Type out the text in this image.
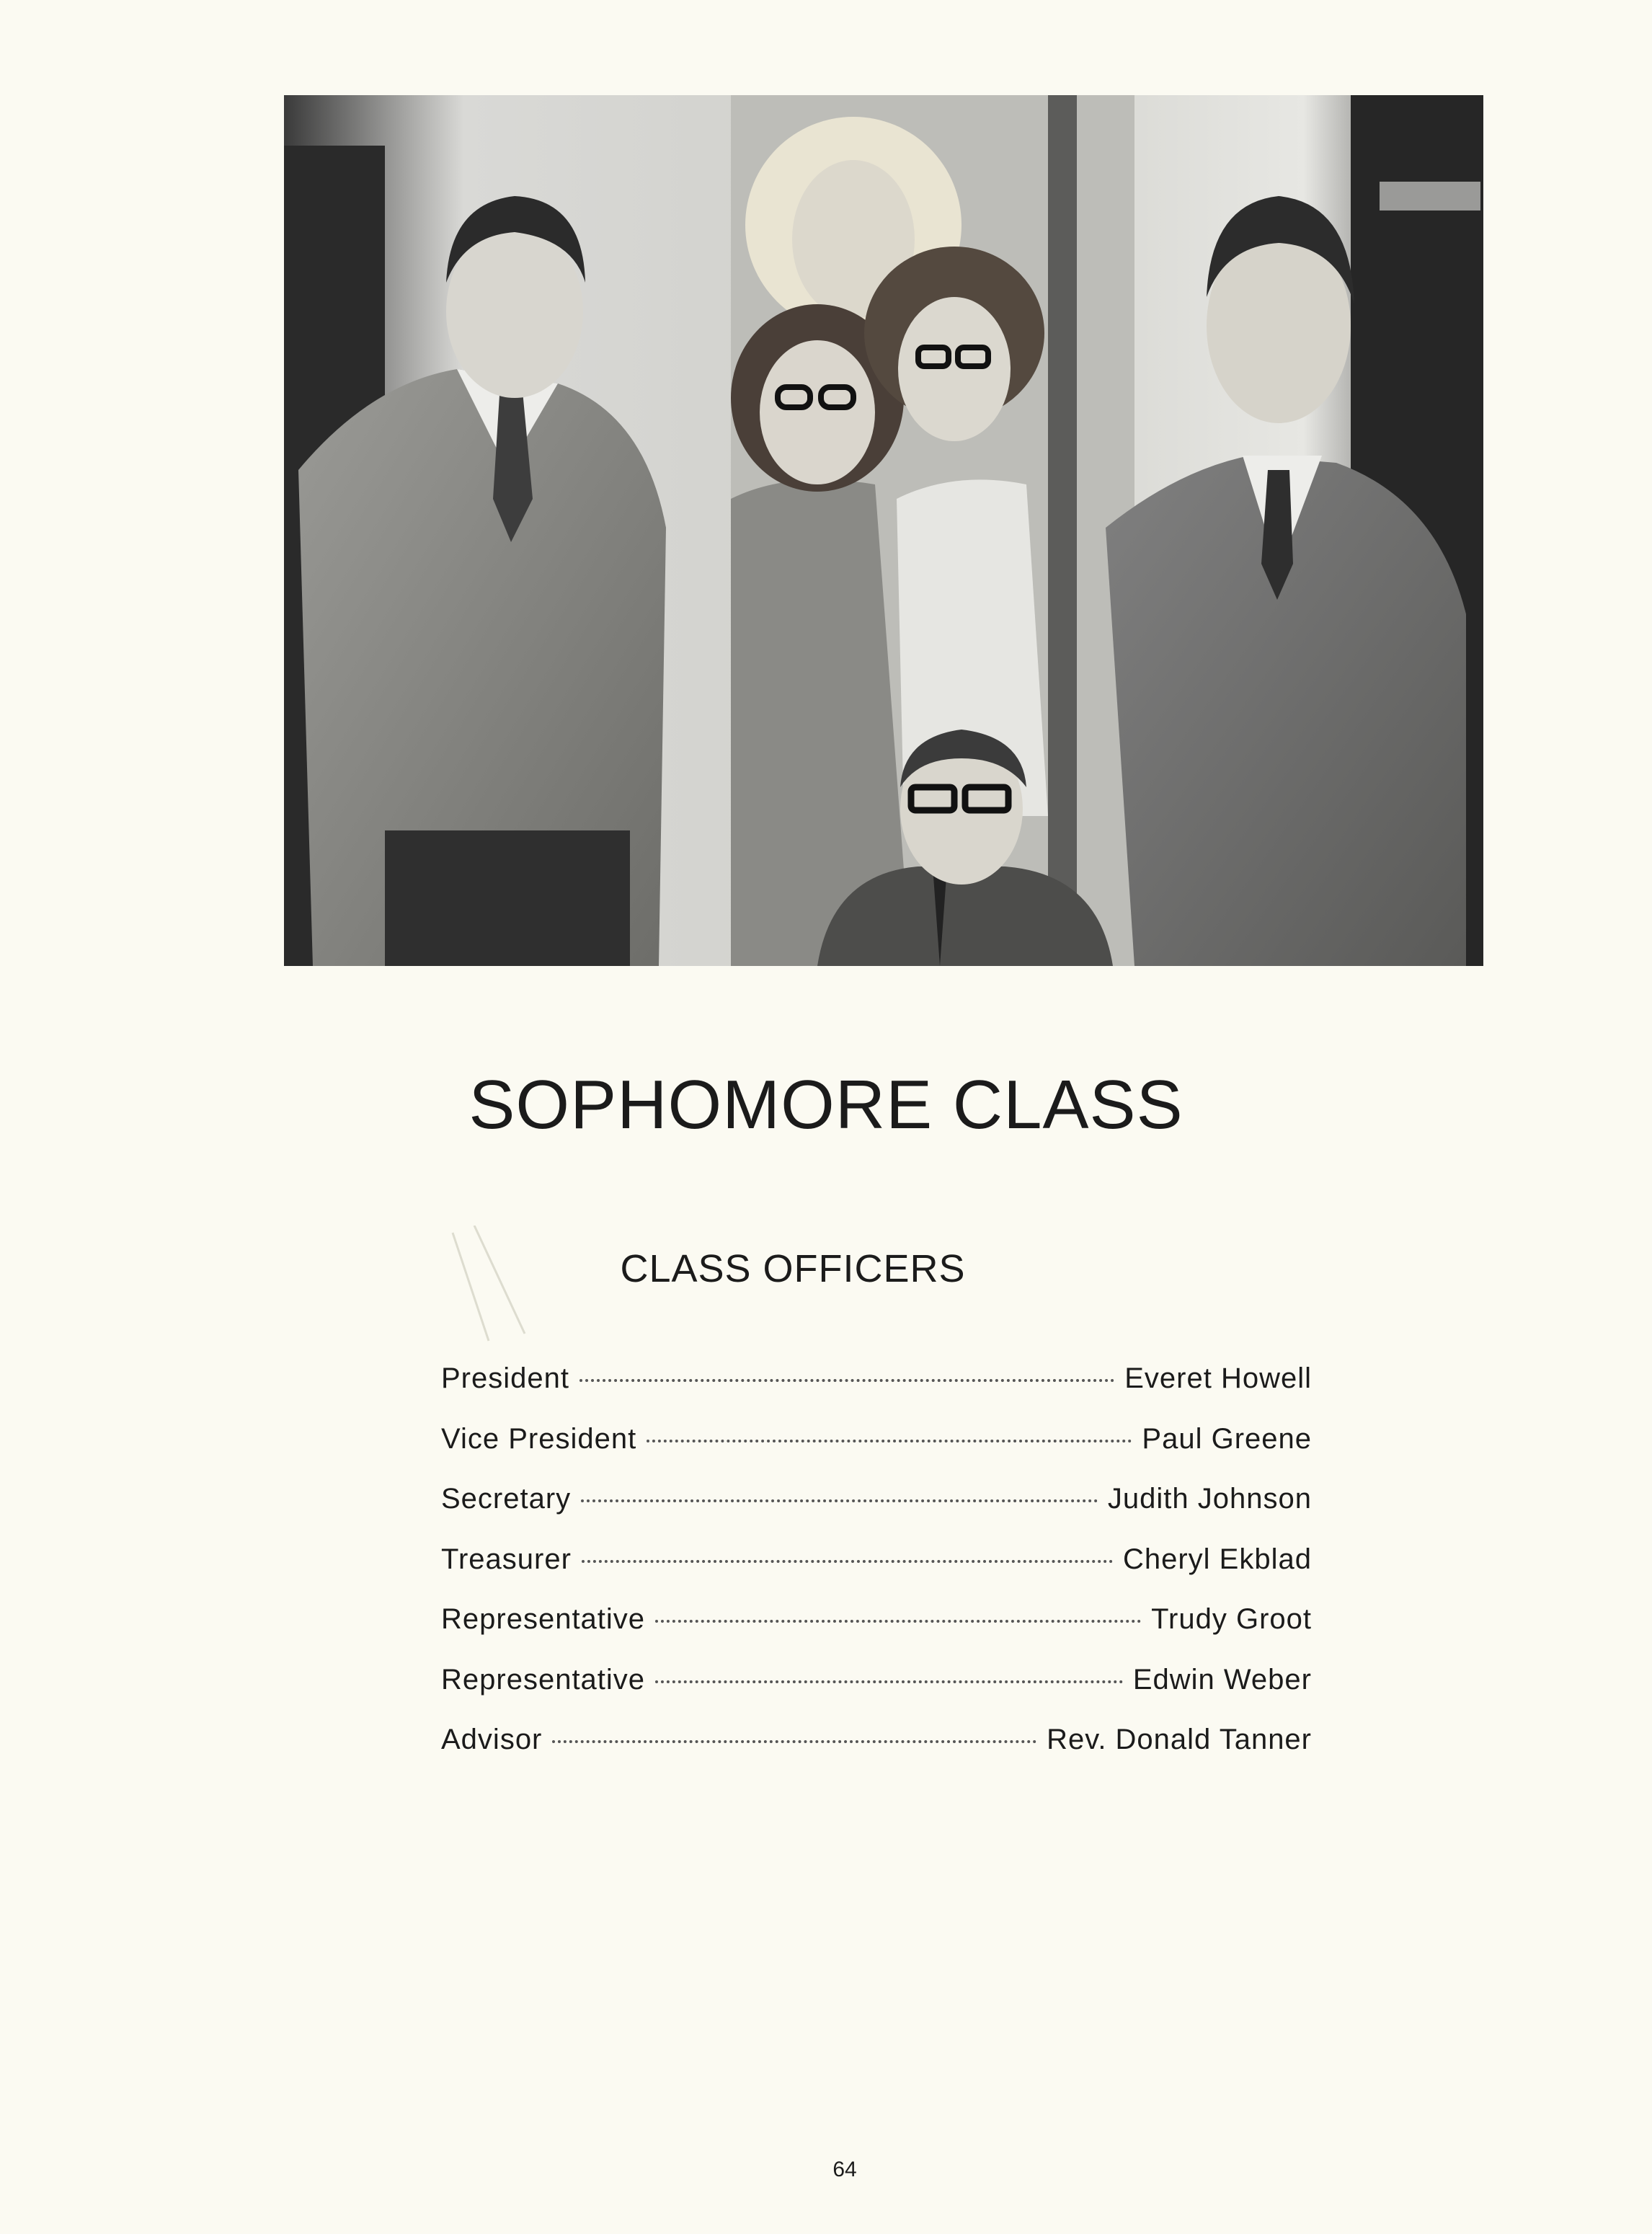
SOPHOMORE CLASS
CLASS OFFICERS
President	Everet Howell
Vice President	Paul Greene
Secretary	Judith Johnson
Treasurer	Cheryl Ekblad
Representative	Trudy Groot
Representative	Edwin Weber
Advisor	Rev. Donald Tanner
64
